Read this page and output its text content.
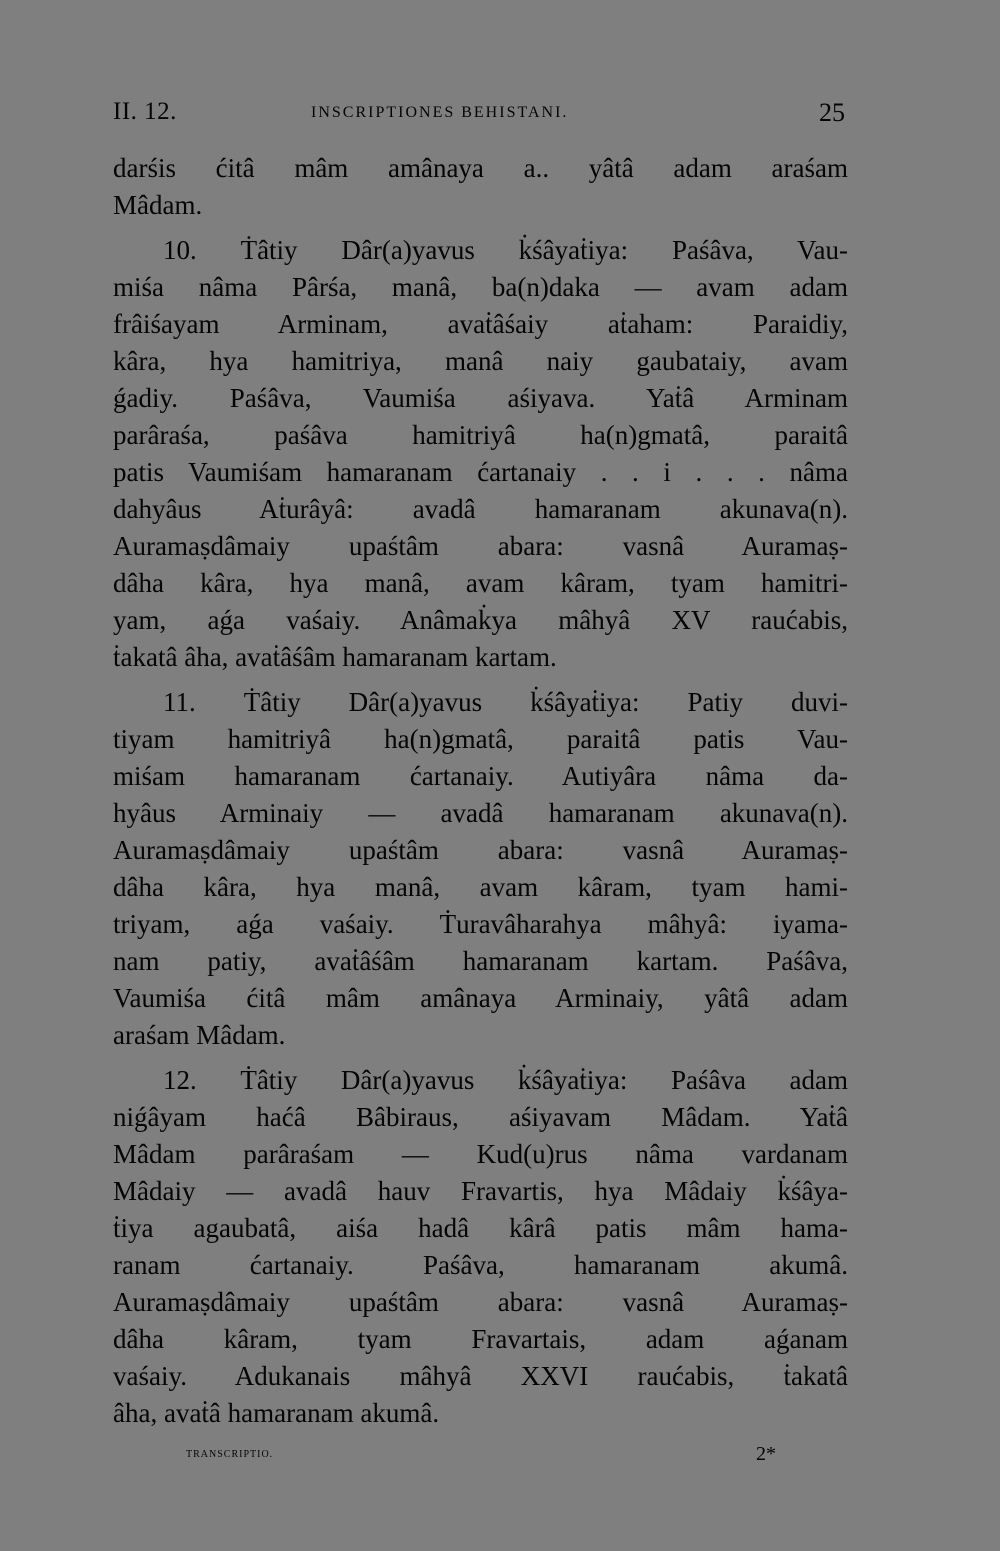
II. 12.	INSCRIPTIONES BEHISTANI.	25
darśis ćitâ mâm amânaya a.. yâtâ adam araśam
Mâdam.
10. Ṫâtiy Dâr(a)yavus k̇śâyaṫiya: Paśâva, Vau-
miśa nâma Pârśa, manâ, ba(n)daka — avam adam
frâiśayam Arminam, avaṫâśaiy aṫaham: Paraidiy,
kâra, hya hamitriya, manâ naiy gaubataiy, avam
ǵadiy. Paśâva, Vaumiśa aśiyava. Yaṫâ Arminam
parâraśa, paśâva hamitriyâ ha(n)gmatâ, paraitâ
patis Vaumiśam hamaranam ćartanaiy . . i . . . nâma
dahyâus Aṫurâyâ: avadâ hamaranam akunava(n).
Auramaṣdâmaiy upaśtâm abara: vasnâ Auramaṣ-
dâha kâra, hya manâ, avam kâram, tyam hamitri-
yam, aǵa vaśaiy. Anâmak̇ya mâhyâ XV raućabis,
ṫakatâ âha, avaṫâśâm hamaranam kartam.
11. Ṫâtiy Dâr(a)yavus k̇śâyaṫiya: Patiy duvi-
tiyam hamitriyâ ha(n)gmatâ, paraitâ patis Vau-
miśam hamaranam ćartanaiy. Autiyâra nâma da-
hyâus Arminaiy — avadâ hamaranam akunava(n).
Auramaṣdâmaiy upaśtâm abara: vasnâ Auramaṣ-
dâha kâra, hya manâ, avam kâram, tyam hami-
triyam, aǵa vaśaiy. Ṫuravâharahya mâhyâ: iyama-
nam patiy, avaṫâśâm hamaranam kartam. Paśâva,
Vaumiśa ćitâ mâm amânaya Arminaiy, yâtâ adam
araśam Mâdam.
12. Ṫâtiy Dâr(a)yavus k̇śâyaṫiya: Paśâva adam
niǵâyam haćâ Bâbiraus, aśiyavam Mâdam. Yaṫâ
Mâdam parâraśam — Kud(u)rus nâma vardanam
Mâdaiy — avadâ hauv Fravartis, hya Mâdaiy k̇śâya-
ṫiya agaubatâ, aiśa hadâ kârâ patis mâm hama-
ranam ćartanaiy. Paśâva, hamaranam akumâ.
Auramaṣdâmaiy upaśtâm abara: vasnâ Auramaṣ-
dâha kâram, tyam Fravartais, adam aǵanam
vaśaiy. Adukanais mâhyâ XXVI raućabis, ṫakatâ
âha, avaṫâ hamaranam akumâ.
TRANSCRIPTIO.	2*
